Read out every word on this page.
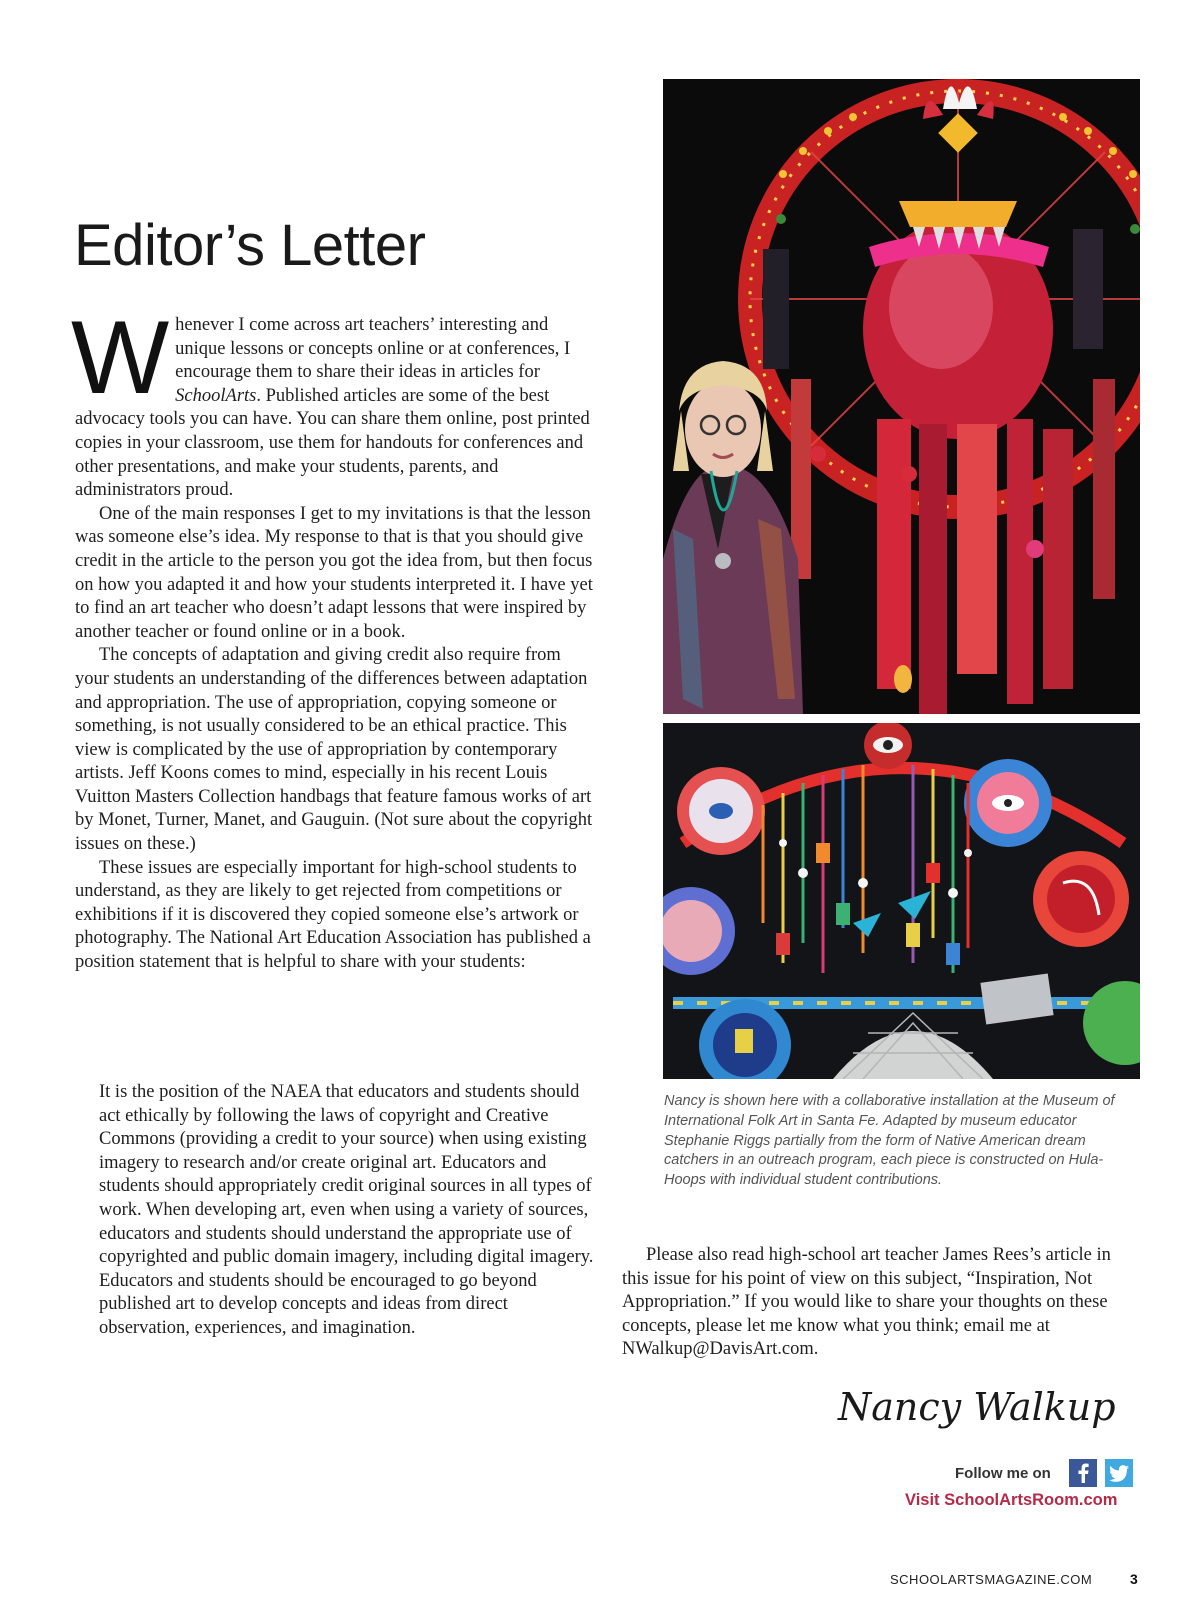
Editor’s Letter

Whenever I come across art teachers’ interesting and unique lessons or concepts online or at conferences, I encourage them to share their ideas in articles for SchoolArts. Published articles are some of the best advocacy tools you can have. You can share them online, post printed copies in your classroom, use them for handouts for conferences and other presentations, and make your students, parents, and administrators proud.

One of the main responses I get to my invitations is that the lesson was someone else’s idea. My response to that is that you should give credit in the article to the person you got the idea from, but then focus on how you adapted it and how your students interpreted it. I have yet to find an art teacher who doesn’t adapt lessons that were inspired by another teacher or found online or in a book.

The concepts of adaptation and giving credit also require from your students an understanding of the differences between adaptation and appropriation. The use of appropriation, copying someone or something, is not usually considered to be an ethical practice. This view is complicated by the use of appropriation by contemporary artists. Jeff Koons comes to mind, especially in his recent Louis Vuitton Masters Collection handbags that feature famous works of art by Monet, Turner, Manet, and Gauguin. (Not sure about the copyright issues on these.)

These issues are especially important for high-school students to understand, as they are likely to get rejected from competitions or exhibitions if it is discovered they copied someone else’s artwork or photography. The National Art Education Association has published a position statement that is helpful to share with your students:

It is the position of the NAEA that educators and students should act ethically by following the laws of copyright and Creative Commons (providing a credit to your source) when using existing imagery to research and/or create original art. Educators and students should appropriately credit original sources in all types of work. When developing art, even when using a variety of sources, educators and students should understand the appropriate use of copyrighted and public domain imagery, including digital imagery. Educators and students should be encouraged to go beyond published art to develop concepts and ideas from direct observation, experiences, and imagination.

Nancy is shown here with a collaborative installation at the Museum of International Folk Art in Santa Fe. Adapted by museum educator Stephanie Riggs partially from the form of Native American dream catchers in an outreach program, each piece is constructed on Hula-Hoops with individual student contributions.

Please also read high-school art teacher James Rees’s article in this issue for his point of view on this subject, “Inspiration, Not Appropriation.” If you would like to share your thoughts on these concepts, please let me know what you think; email me at NWalkup@DavisArt.com.

Nancy Walkup
Follow me on
Visit SchoolArtsRoom.com
SCHOOLARTSMAGAZINE.COM	3
